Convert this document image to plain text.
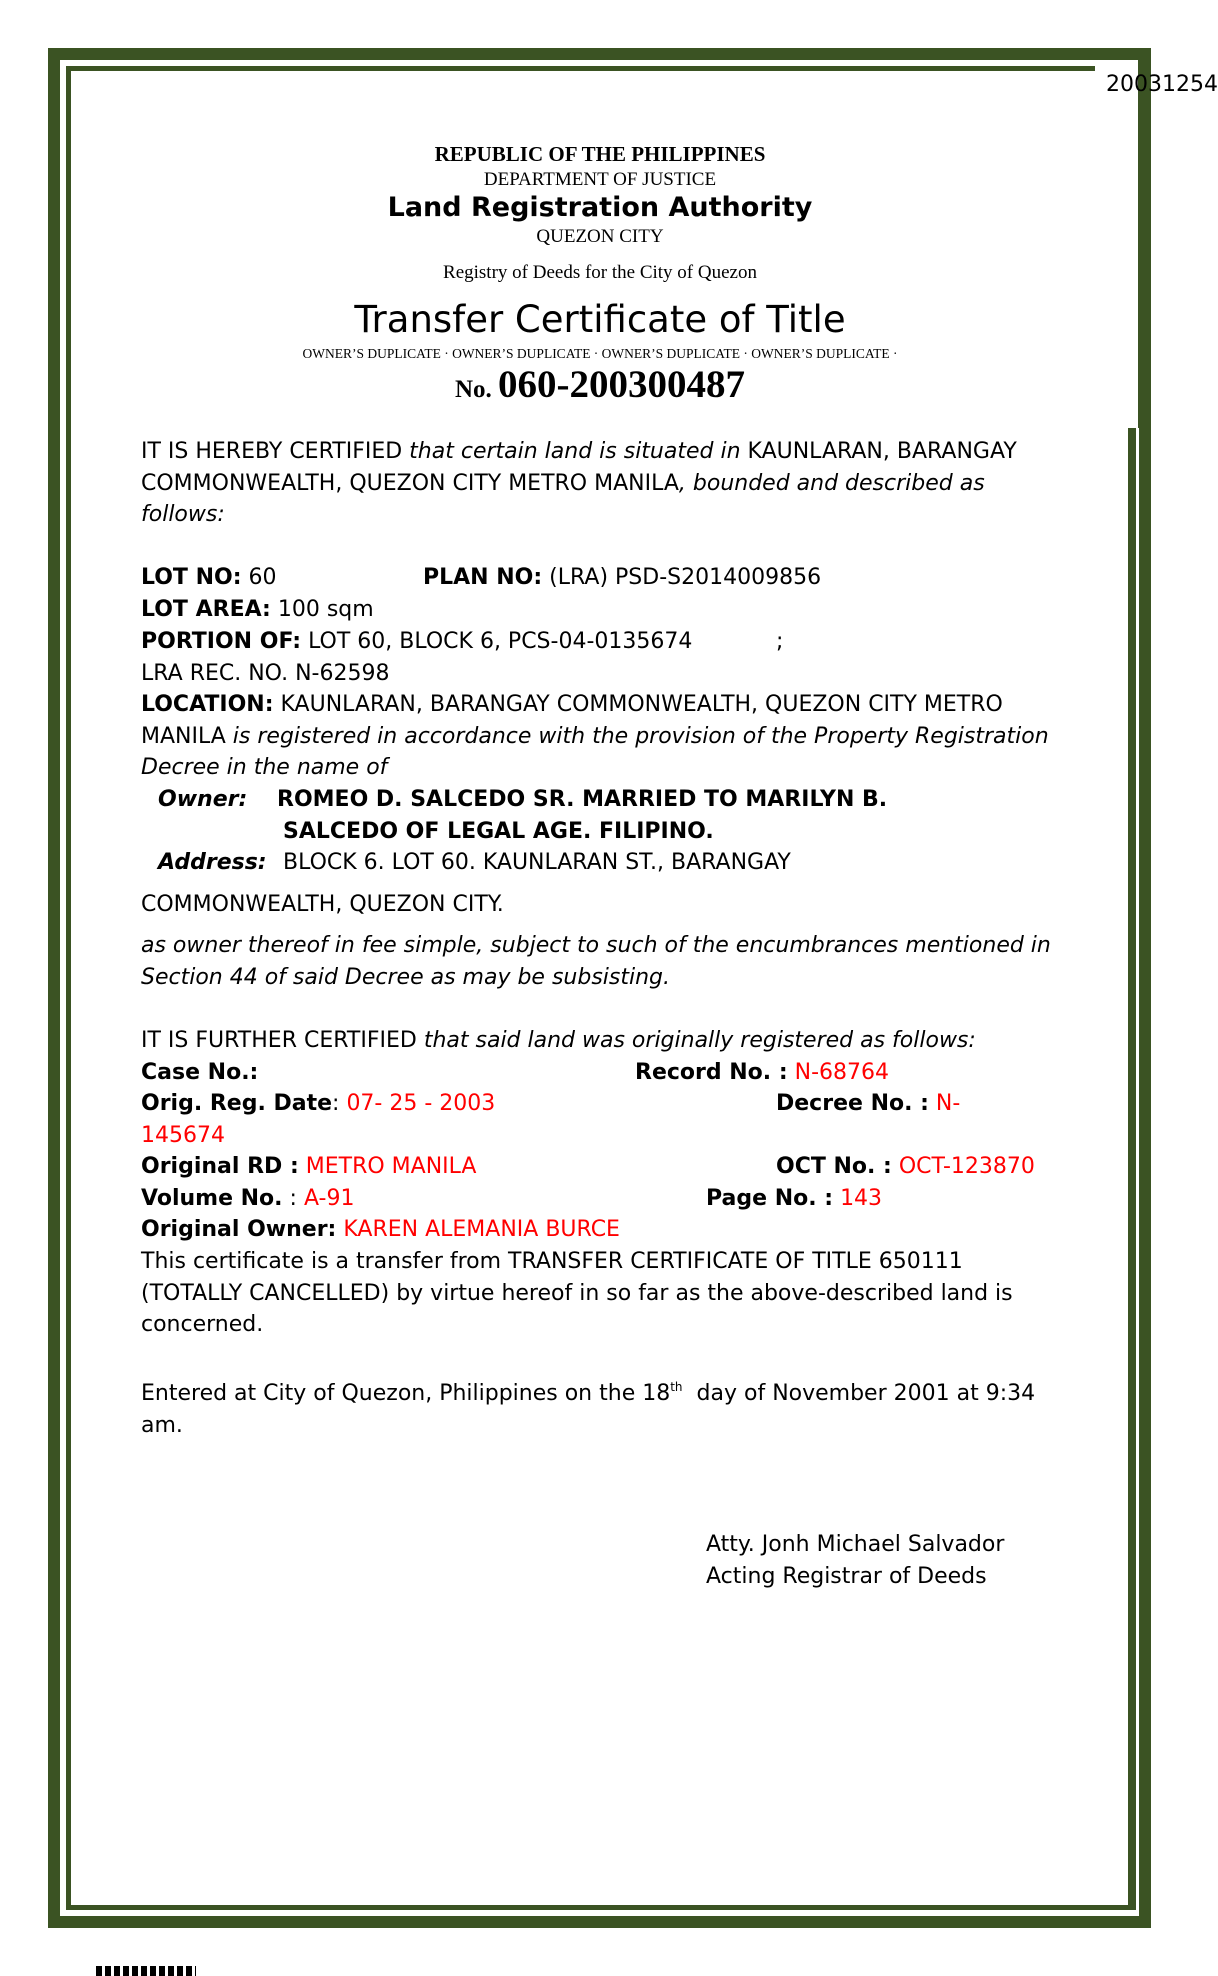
20031254
REPUBLIC OF THE PHILIPPINES
DEPARTMENT OF JUSTICE
Land Registration Authority
QUEZON CITY
Registry of Deeds for the City of Quezon
Transfer Certificate of Title
OWNER’S DUPLICATE · OWNER’S DUPLICATE · OWNER’S DUPLICATE · OWNER’S DUPLICATE ·
No. 060-200300487
IT IS HEREBY CERTIFIED that certain land is situated in KAUNLARAN, BARANGAY COMMONWEALTH, QUEZON CITY METRO MANILA, bounded and described as follows:
LOT NO: 60	PLAN NO: (LRA) PSD-S2014009856
LOT AREA: 100 sqm
PORTION OF: LOT 60, BLOCK 6, PCS-04-0135674	;
LRA REC. NO. N-62598
LOCATION: KAUNLARAN, BARANGAY COMMONWEALTH, QUEZON CITY METRO MANILA is registered in accordance with the provision of the Property Registration Decree in the name of
Owner: ROMEO D. SALCEDO SR. MARRIED TO MARILYN B.
SALCEDO OF LEGAL AGE. FILIPINO.
Address: BLOCK 6. LOT 60. KAUNLARAN ST., BARANGAY
COMMONWEALTH, QUEZON CITY.
as owner thereof in fee simple, subject to such of the encumbrances mentioned in Section 44 of said Decree as may be subsisting.
IT IS FURTHER CERTIFIED that said land was originally registered as follows:
Case No.:	Record No. : N-68764
Orig. Reg. Date: 07- 25 - 2003	Decree No. : N-
145674
Original RD : METRO MANILA	OCT No. : OCT-123870
Volume No. : A-91	Page No. : 143
Original Owner: KAREN ALEMANIA BURCE
This certificate is a transfer from TRANSFER CERTIFICATE OF TITLE 650111 (TOTALLY CANCELLED) by virtue hereof in so far as the above-described land is concerned.
Entered at City of Quezon, Philippines on the 18th day of November 2001 at 9:34 am.
Atty. Jonh Michael Salvador
Acting Registrar of Deeds
